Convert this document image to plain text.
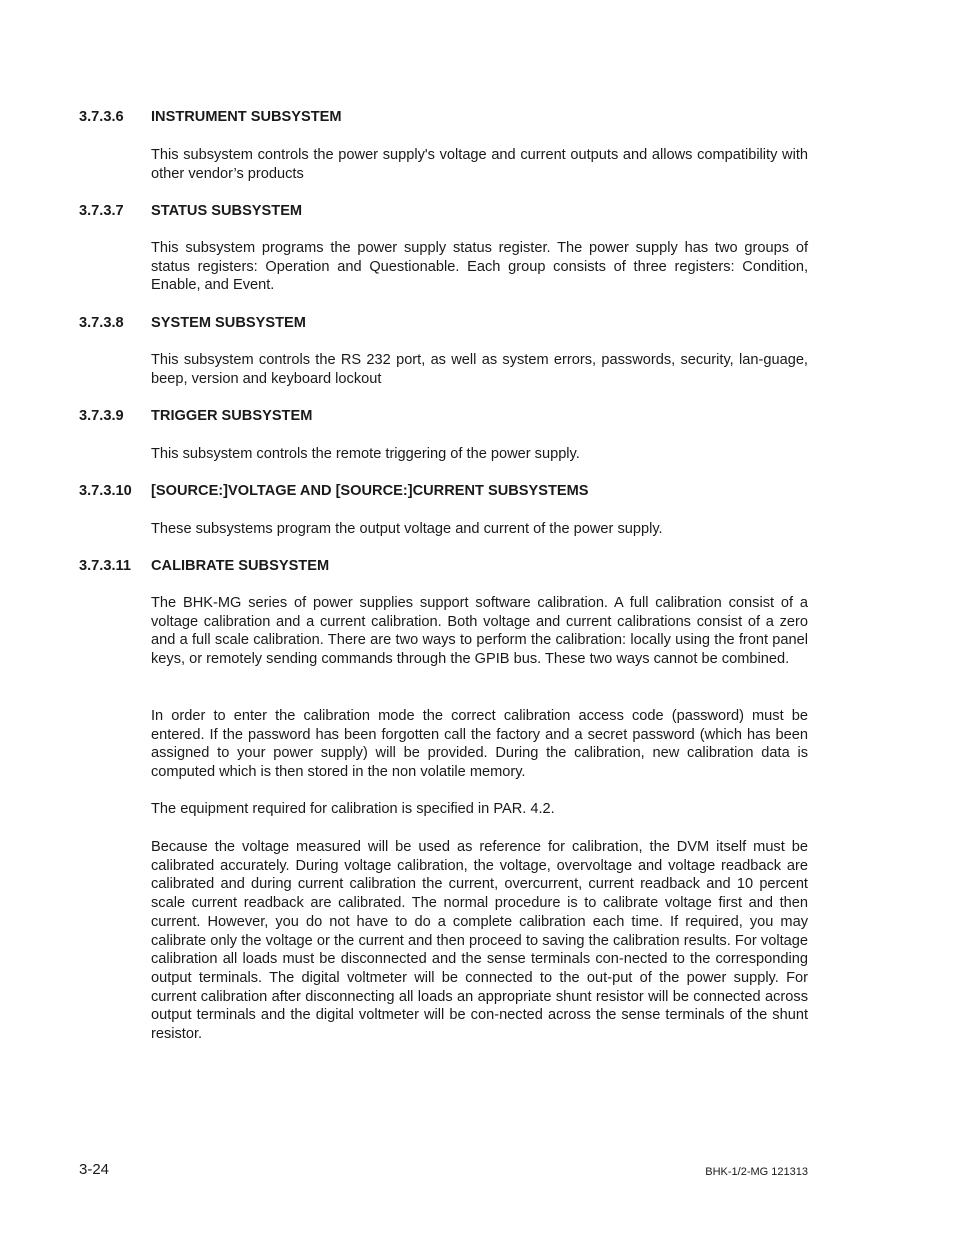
3.7.3.6 INSTRUMENT SUBSYSTEM

This subsystem controls the power supply's voltage and current outputs and allows compatibility with other vendor’s products

3.7.3.7 STATUS SUBSYSTEM

This subsystem programs the power supply status register. The power supply has two groups of status registers: Operation and Questionable. Each group consists of three registers: Condition, Enable, and Event.

3.7.3.8 SYSTEM SUBSYSTEM

This subsystem controls the RS 232 port, as well as system errors, passwords, security, lan-guage, beep, version and keyboard lockout

3.7.3.9 TRIGGER SUBSYSTEM

This subsystem controls the remote triggering of the power supply.

3.7.3.10 [SOURCE:]VOLTAGE AND [SOURCE:]CURRENT SUBSYSTEMS

These subsystems program the output voltage and current of the power supply.

3.7.3.11 CALIBRATE SUBSYSTEM

The BHK-MG series of power supplies support software calibration. A full calibration consist of a voltage calibration and a current calibration. Both voltage and current calibrations consist of a zero and a full scale calibration. There are two ways to perform the calibration: locally using the front panel keys, or remotely sending commands through the GPIB bus. These two ways cannot be combined.

In order to enter the calibration mode the correct calibration access code (password) must be entered. If the password has been forgotten call the factory and a secret password (which has been assigned to your power supply) will be provided. During the calibration, new calibration data is computed which is then stored in the non volatile memory.

The equipment required for calibration is specified in PAR. 4.2.

Because the voltage measured will be used as reference for calibration, the DVM itself must be calibrated accurately. During voltage calibration, the voltage, overvoltage and voltage readback are calibrated and during current calibration the current, overcurrent, current readback and 10 percent scale current readback are calibrated. The normal procedure is to calibrate voltage first and then current. However, you do not have to do a complete calibration each time. If required, you may calibrate only the voltage or the current and then proceed to saving the calibration results. For voltage calibration all loads must be disconnected and the sense terminals con-nected to the corresponding output terminals. The digital voltmeter will be connected to the out-put of the power supply. For current calibration after disconnecting all loads an appropriate shunt resistor will be connected across output terminals and the digital voltmeter will be con-nected across the sense terminals of the shunt resistor.

3-24	BHK-1/2-MG 121313
